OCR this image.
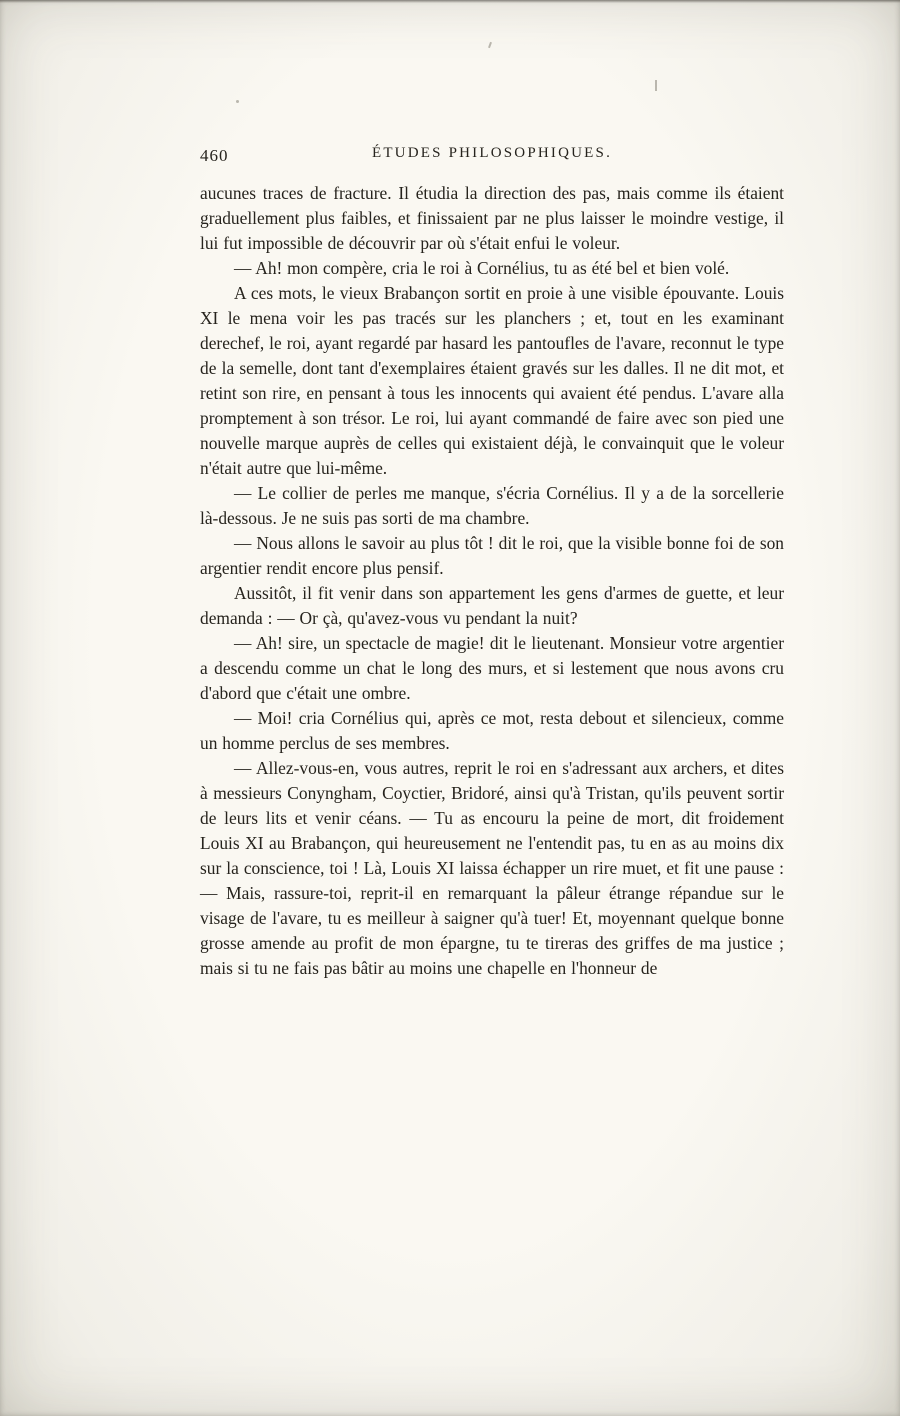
460	ÉTUDES PHILOSOPHIQUES.

aucunes traces de fracture. Il étudia la direction des pas, mais comme ils étaient graduellement plus faibles, et finissaient par ne plus laisser le moindre vestige, il lui fut impossible de découvrir par où s'était enfui le voleur.

— Ah! mon compère, cria le roi à Cornélius, tu as été bel et bien volé.

A ces mots, le vieux Brabançon sortit en proie à une visible épouvante. Louis XI le mena voir les pas tracés sur les planchers ; et, tout en les examinant derechef, le roi, ayant regardé par hasard les pantoufles de l'avare, reconnut le type de la semelle, dont tant d'exemplaires étaient gravés sur les dalles. Il ne dit mot, et retint son rire, en pensant à tous les innocents qui avaient été pendus. L'avare alla promptement à son trésor. Le roi, lui ayant commandé de faire avec son pied une nouvelle marque auprès de celles qui existaient déjà, le convainquit que le voleur n'était autre que lui-même.

— Le collier de perles me manque, s'écria Cornélius. Il y a de la sorcellerie là-dessous. Je ne suis pas sorti de ma chambre.

— Nous allons le savoir au plus tôt ! dit le roi, que la visible bonne foi de son argentier rendit encore plus pensif.

Aussitôt, il fit venir dans son appartement les gens d'armes de guette, et leur demanda : — Or çà, qu'avez-vous vu pendant la nuit?

— Ah! sire, un spectacle de magie! dit le lieutenant. Monsieur votre argentier a descendu comme un chat le long des murs, et si lestement que nous avons cru d'abord que c'était une ombre.

— Moi! cria Cornélius qui, après ce mot, resta debout et silencieux, comme un homme perclus de ses membres.

— Allez-vous-en, vous autres, reprit le roi en s'adressant aux archers, et dites à messieurs Conyngham, Coyctier, Bridoré, ainsi qu'à Tristan, qu'ils peuvent sortir de leurs lits et venir céans. — Tu as encouru la peine de mort, dit froidement Louis XI au Brabançon, qui heureusement ne l'entendit pas, tu en as au moins dix sur la conscience, toi ! Là, Louis XI laissa échapper un rire muet, et fit une pause : — Mais, rassure-toi, reprit-il en remarquant la pâleur étrange répandue sur le visage de l'avare, tu es meilleur à saigner qu'à tuer! Et, moyennant quelque bonne grosse amende au profit de mon épargne, tu te tireras des griffes de ma justice ; mais si tu ne fais pas bâtir au moins une chapelle en l'honneur de
